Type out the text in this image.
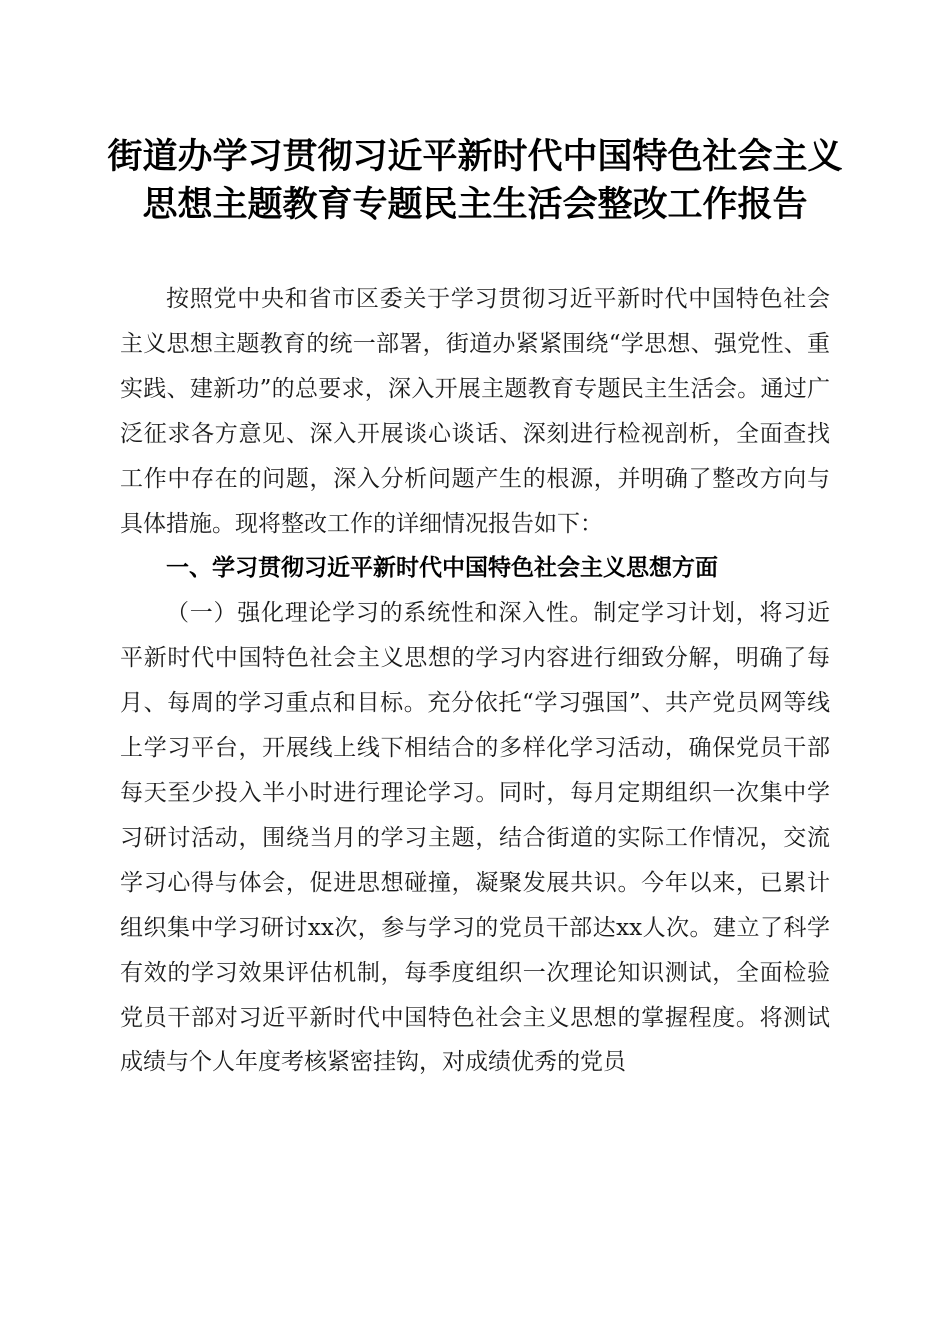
街道办学习贯彻习近平新时代中国特色社会主义思想主题教育专题民主生活会整改工作报告

按照党中央和省市区委关于学习贯彻习近平新时代中国特色社会主义思想主题教育的统一部署，街道办紧紧围绕“学思想、强党性、重实践、建新功”的总要求，深入开展主题教育专题民主生活会。通过广泛征求各方意见、深入开展谈心谈话、深刻进行检视剖析，全面查找工作中存在的问题，深入分析问题产生的根源，并明确了整改方向与具体措施。现将整改工作的详细情况报告如下：

一、学习贯彻习近平新时代中国特色社会主义思想方面

（一）强化理论学习的系统性和深入性。制定学习计划，将习近平新时代中国特色社会主义思想的学习内容进行细致分解，明确了每月、每周的学习重点和目标。充分依托“学习强国”、共产党员网等线上学习平台，开展线上线下相结合的多样化学习活动，确保党员干部每天至少投入半小时进行理论学习。同时，每月定期组织一次集中学习研讨活动，围绕当月的学习主题，结合街道的实际工作情况，交流学习心得与体会，促进思想碰撞，凝聚发展共识。今年以来，已累计组织集中学习研讨xx次，参与学习的党员干部达xx人次。建立了科学有效的学习效果评估机制，每季度组织一次理论知识测试，全面检验党员干部对习近平新时代中国特色社会主义思想的掌握程度。将测试成绩与个人年度考核紧密挂钩，对成绩优秀的党员
